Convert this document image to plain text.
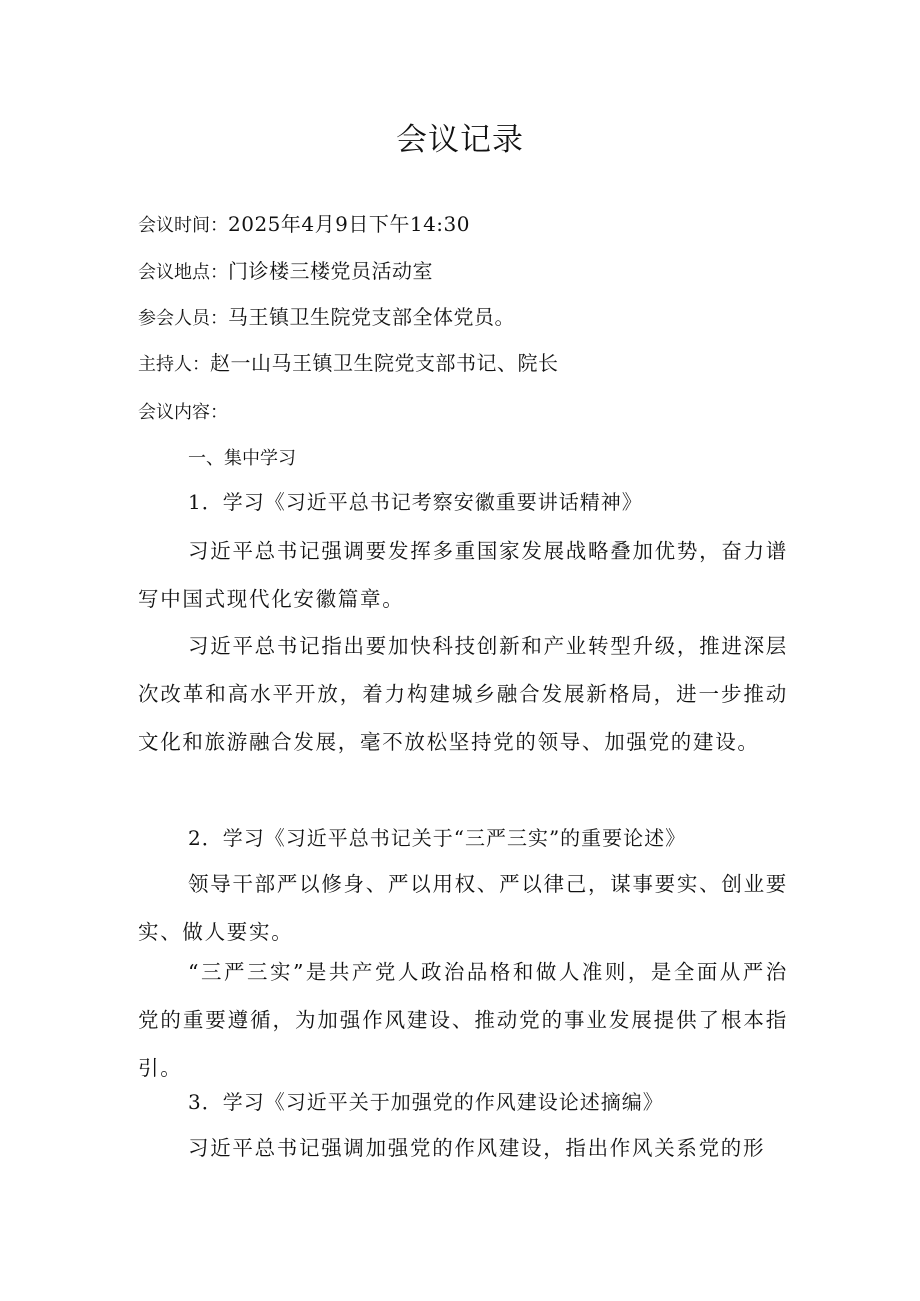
会议记录
会议时间：2025年4月9日下午14:30
会议地点：门诊楼三楼党员活动室
参会人员：马王镇卫生院党支部全体党员。
主持人：赵一山马王镇卫生院党支部书记、院长
会议内容：
一、集中学习
1．学习《习近平总书记考察安徽重要讲话精神》

习近平总书记强调要发挥多重国家发展战略叠加优势，奋力谱写中国式现代化安徽篇章。

习近平总书记指出要加快科技创新和产业转型升级，推进深层次改革和高水平开放，着力构建城乡融合发展新格局，进一步推动文化和旅游融合发展，毫不放松坚持党的领导、加强党的建设。

2．学习《习近平总书记关于“三严三实”的重要论述》

领导干部严以修身、严以用权、严以律己，谋事要实、创业要实、做人要实。

“三严三实”是共产党人政治品格和做人准则，是全面从严治党的重要遵循，为加强作风建设、推动党的事业发展提供了根本指引。

3．学习《习近平关于加强党的作风建设论述摘编》

习近平总书记强调加强党的作风建设，指出作风关系党的形
